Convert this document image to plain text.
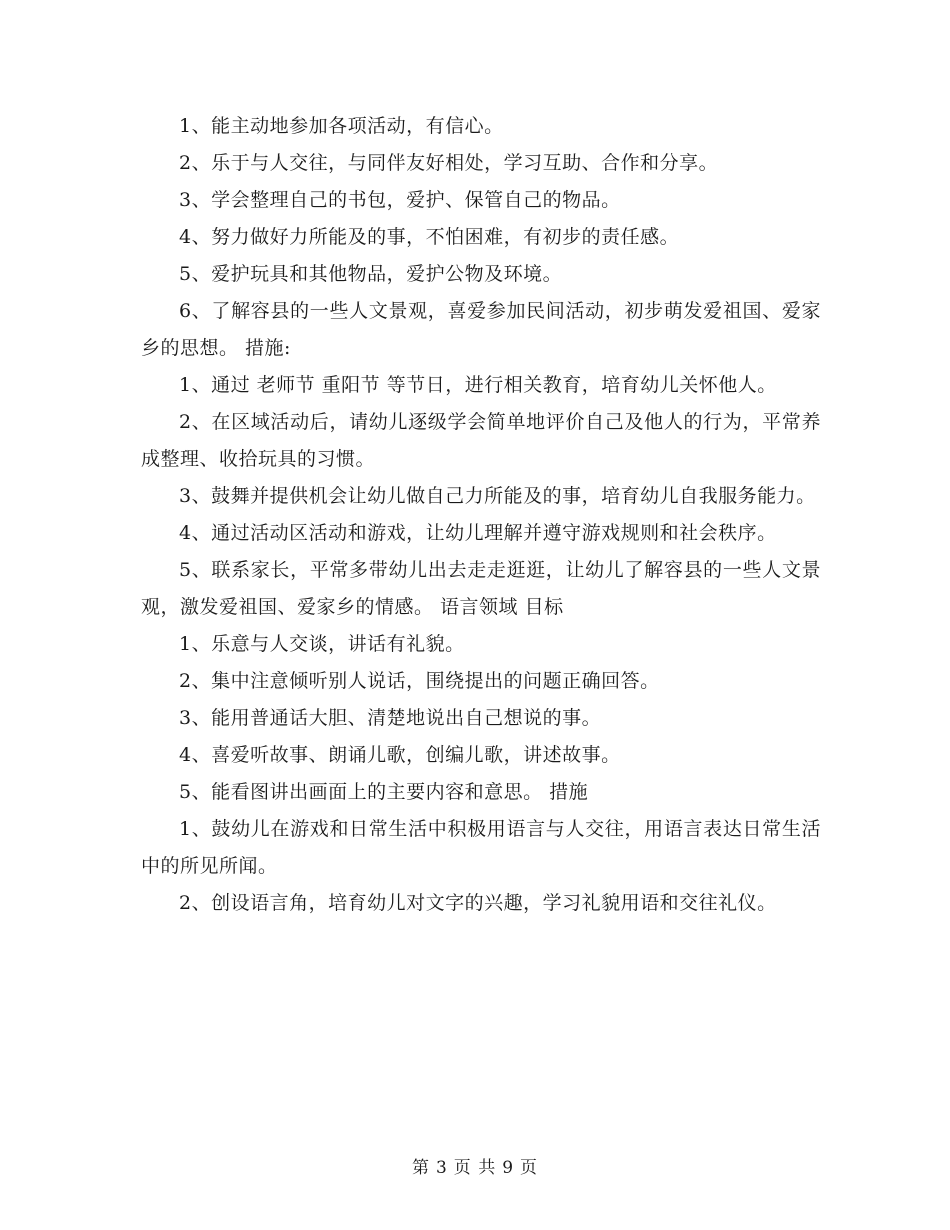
1、能主动地参加各项活动，有信心。

2、乐于与人交往，与同伴友好相处，学习互助、合作和分享。

3、学会整理自己的书包，爱护、保管自己的物品。

4、努力做好力所能及的事，不怕困难，有初步的责任感。

5、爱护玩具和其他物品，爱护公物及环境。

6、了解容县的一些人文景观，喜爱参加民间活动，初步萌发爱祖国、爱家乡的思想。 措施:

1、通过 老师节 重阳节 等节日，进行相关教育，培育幼儿关怀他人。

2、在区域活动后，请幼儿逐级学会简单地评价自己及他人的行为，平常养成整理、收拾玩具的习惯。

3、鼓舞并提供机会让幼儿做自己力所能及的事，培育幼儿自我服务能力。

4、通过活动区活动和游戏，让幼儿理解并遵守游戏规则和社会秩序。

5、联系家长，平常多带幼儿出去走走逛逛，让幼儿了解容县的一些人文景观，激发爱祖国、爱家乡的情感。 语言领域 目标

1、乐意与人交谈，讲话有礼貌。

2、集中注意倾听别人说话，围绕提出的问题正确回答。

3、能用普通话大胆、清楚地说出自己想说的事。

4、喜爱听故事、朗诵儿歌，创编儿歌，讲述故事。

5、能看图讲出画面上的主要内容和意思。 措施

1、鼓幼儿在游戏和日常生活中积极用语言与人交往，用语言表达日常生活中的所见所闻。

2、创设语言角，培育幼儿对文字的兴趣，学习礼貌用语和交往礼仪。

第 3 页 共 9 页
